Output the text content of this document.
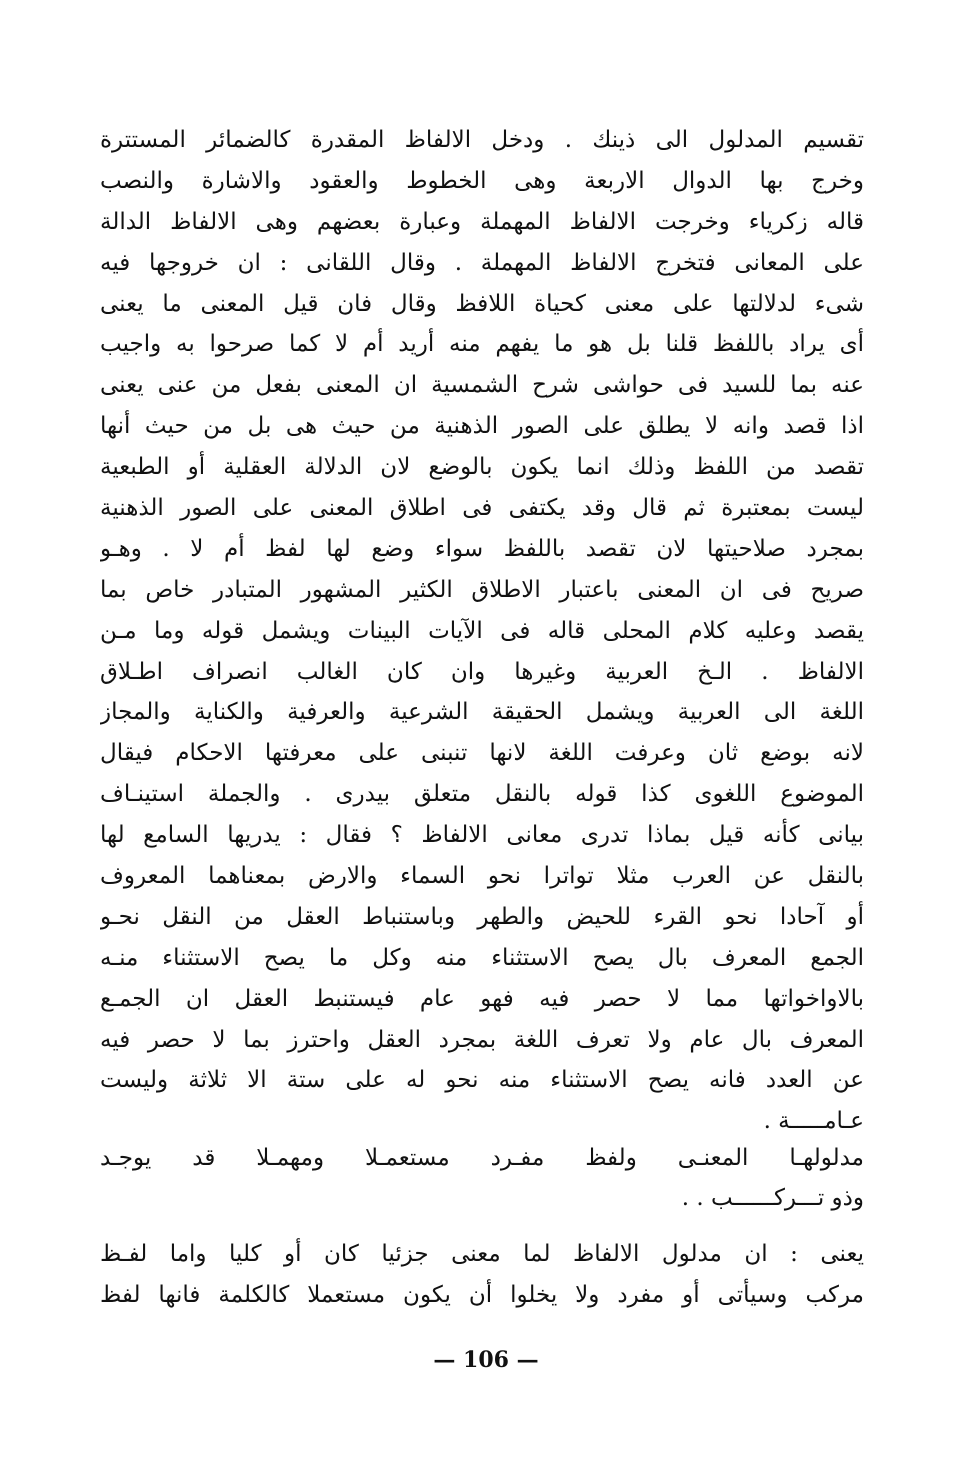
تقسيم المدلول الى ذينك . ودخل الالفاظ المقدرة كالضمائر المستترة
وخرج بها الدوال الاربعة وهى الخطوط والعقود والاشارة والنصب
قاله زكرياء وخرجت الالفاظ المهملة وعبارة بعضهم وهى الالفاظ الدالة
على المعانى فتخرج الالفاظ المهملة . وقال اللقانى : ان خروجها فيه
شىء لدلالتها على معنى كحياة اللافظ وقال فان قيل المعنى ما يعنى
أى يراد باللفظ قلنا بل هو ما يفهم منه أريد أم لا كما صرحوا به واجيب
عنه بما للسيد فى حواشى شرح الشمسية ان المعنى بفعل من عنى يعنى
اذا قصد وانه لا يطلق على الصور الذهنية من حيث هى بل من حيث أنها
تقصد من اللفظ وذلك انما يكون بالوضع لان الدلالة العقلية أو الطبعية
ليست بمعتبرة ثم قال وقد يكتفى فى اطلاق المعنى على الصور الذهنية
بمجرد صلاحيتها لان تقصد باللفظ سواء وضع لها لفظ أم لا . وهـو
صريح فى ان المعنى باعتبار الاطلاق الكثير المشهور المتبادر خاص بما
يقصد وعليه كلام المحلى قاله فى الآيات البينات ويشمل قوله وما مـن
الالفاظ . الـخ العربية وغيرها وان كان الغالب انصراف اطـلاق
اللغة الى العربية ويشمل الحقيقة الشرعية والعرفية والكناية والمجاز
لانه بوضع ثان وعرفت اللغة لانها تنبنى على معرفتها الاحكام فيقال
الموضوع اللغوى كذا قوله بالنقل متعلق بيدرى . والجملة استينـاف
بيانى كأنه قيل بماذا تدرى معانى الالفاظ ؟ فقال : يدريها السامع لها
بالنقل عن العرب مثلا تواترا نحو السماء والارض بمعناهما المعروف
أو آحادا نحو القرء للحيض والطهر وباستنباط العقل من النقل نحـو
الجمع المعرف بال يصح الاستثناء منه وكل ما يصح الاستثناء منـه
بالاواخواتها مما لا حصر فيه فهو عام فيستنبط العقل ان الجمـع
المعرف بال عام ولا تعرف اللغة بمجرد العقل واحترز بما لا حصر فيه
عن العدد فانه يصح الاستثناء منه نحو له على ستة الا ثلاثة وليست
عـامـــــة .
مدلولهـا المعنـى ولفظ مفـرد مستعمـلا ومهمـلا قد يوجـد
وذو تـــركــــــب . .
يعنى : ان مدلول الالفاظ لما معنى جزئيا كان أو كليا واما لفـظ
مركب وسيأتى أو مفرد ولا يخلوا أن يكون مستعملا كالكلمة فانها لفظ
— 106 —
